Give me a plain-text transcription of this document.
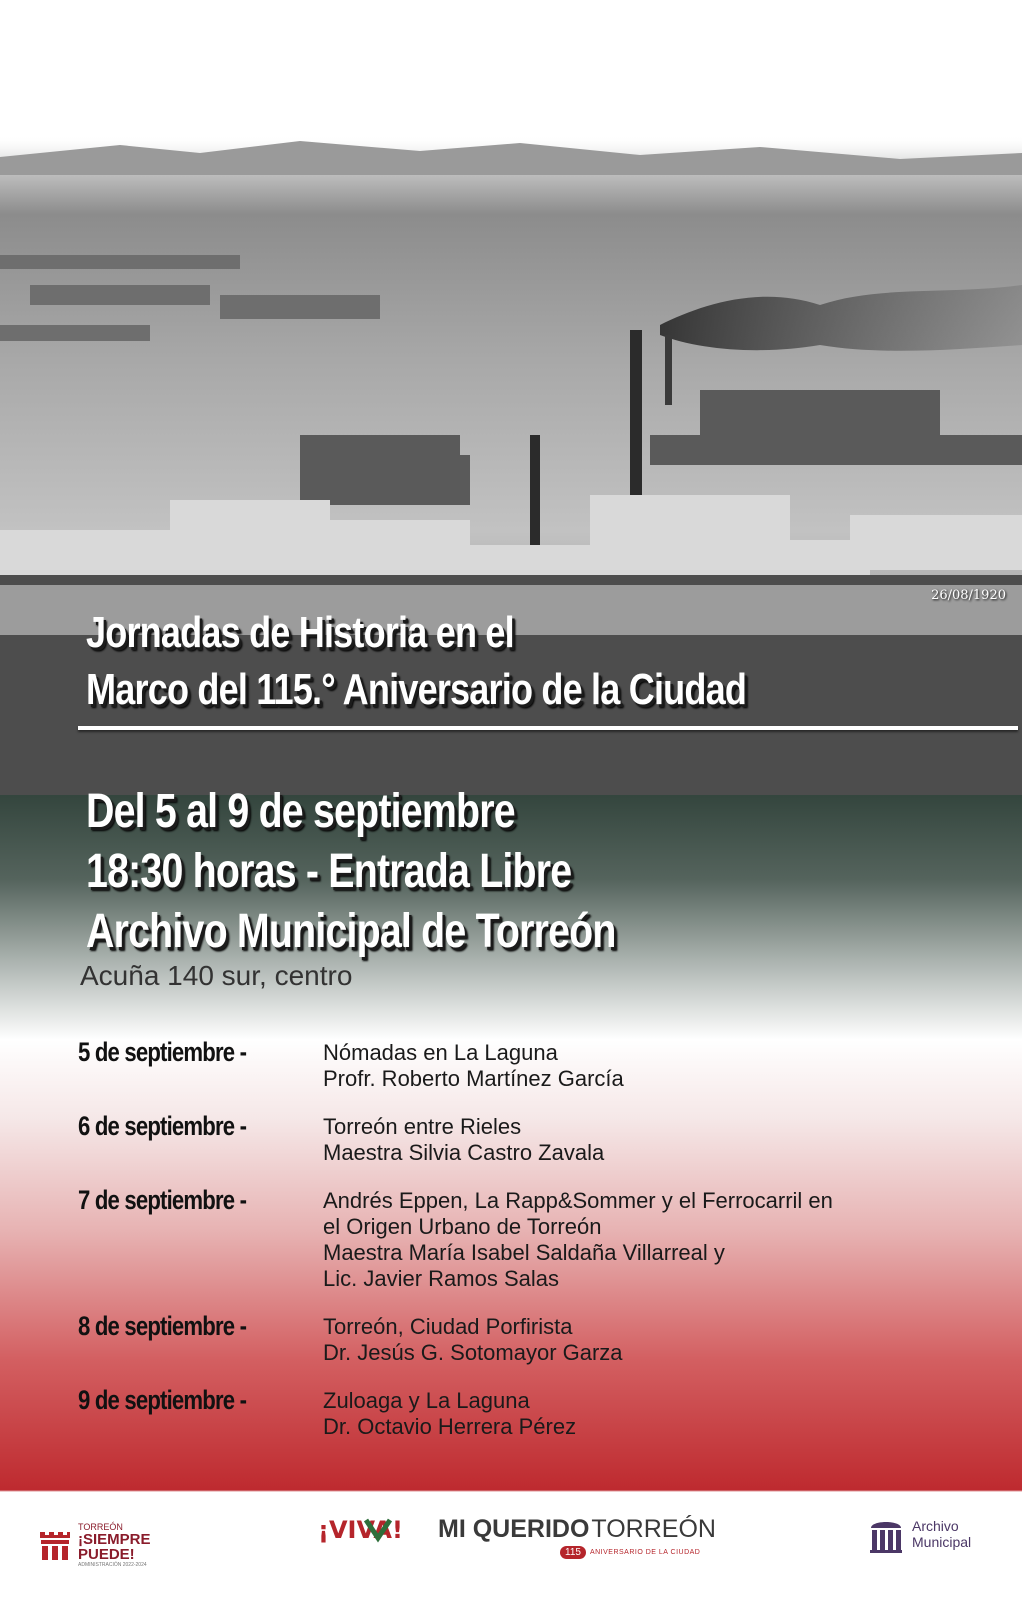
26/08/1920
Jornadas de Historia en el
Marco del 115.° Aniversario de la Ciudad
Del 5 al 9 de septiembre
18:30 horas - Entrada Libre
Archivo Municipal de Torreón
Acuña 140 sur, centro
5 de septiembre -	Nómadas en La Laguna
Profr. Roberto Martínez García
6 de septiembre -	Torreón entre Rieles
Maestra Silvia Castro Zavala
7 de septiembre -	Andrés Eppen, La Rapp&Sommer y el Ferrocarril en
el Origen Urbano de Torreón
Maestra María Isabel Saldaña Villarreal y
Lic. Javier Ramos Salas
8 de septiembre -	Torreón, Ciudad Porfirista
Dr. Jesús G. Sotomayor Garza
9 de septiembre -	Zuloaga y La Laguna
Dr. Octavio Herrera Pérez
TORREÓN
¡SIEMPRE
PUEDE!
ADMINISTRACIÓN 2022-2024
¡VIVA! MI QUERIDO TORREÓN
115	ANIVERSARIO DE LA CIUDAD
Archivo
Municipal
